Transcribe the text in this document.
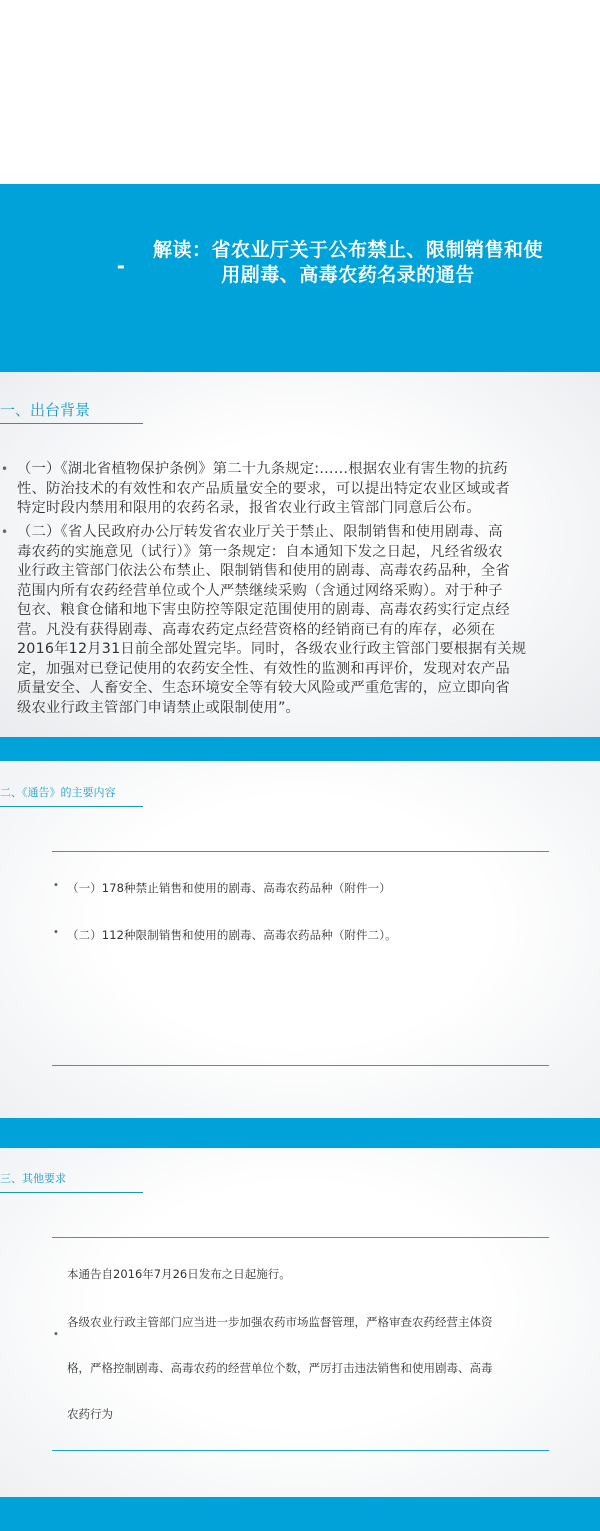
▬
解读：省农业厅关于公布禁止、限制销售和使
用剧毒、高毒农药名录的通告
一、出台背景
• （一）《湖北省植物保护条例》第二十九条规定:……根据农业有害生物的抗药
性、防治技术的有效性和农产品质量安全的要求，可以提出特定农业区域或者
特定时段内禁用和限用的农药名录，报省农业行政主管部门同意后公布。
• （二）《省人民政府办公厅转发省农业厅关于禁止、限制销售和使用剧毒、高
毒农药的实施意见（试行）》第一条规定：自本通知下发之日起，凡经省级农
业行政主管部门依法公布禁止、限制销售和使用的剧毒、高毒农药品种，全省
范围内所有农药经营单位或个人严禁继续采购（含通过网络采购）。对于种子
包衣、粮食仓储和地下害虫防控等限定范围使用的剧毒、高毒农药实行定点经
营。凡没有获得剧毒、高毒农药定点经营资格的经销商已有的库存，必须在
2016年12月31日前全部处置完毕。同时，各级农业行政主管部门要根据有关规
定，加强对已登记使用的农药安全性、有效性的监测和再评价，发现对农产品
质量安全、人畜安全、生态环境安全等有较大风险或严重危害的，应立即向省
级农业行政主管部门申请禁止或限制使用”。
二、《通告》的主要内容
• （一）178种禁止销售和使用的剧毒、高毒农药品种（附件一）
• （二）112种限制销售和使用的剧毒、高毒农药品种（附件二）。
三、其他要求
本通告自2016年7月26日发布之日起施行。
• 各级农业行政主管部门应当进一步加强农药市场监督管理，严格审查农药经营主体资
格，严格控制剧毒、高毒农药的经营单位个数，严厉打击违法销售和使用剧毒、高毒
农药行为
